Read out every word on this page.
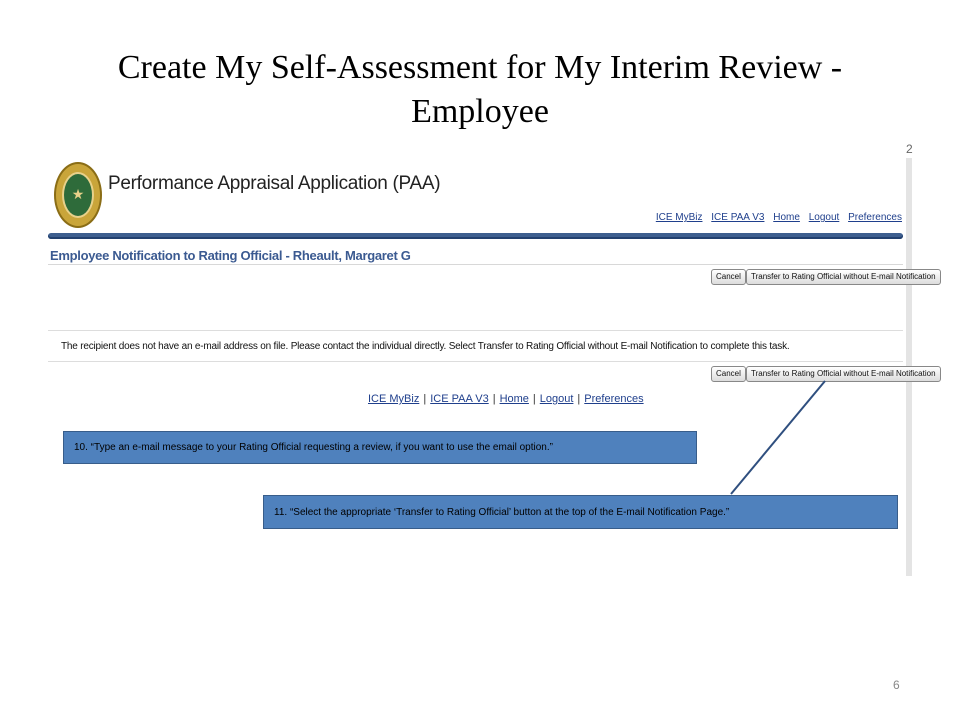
Create My Self-Assessment for My Interim Review -
Employee
2
★	Performance Appraisal Application (PAA)
ICE MyBiz ICE PAA V3 Home Logout Preferences
Employee Notification to Rating Official - Rheault, Margaret G
Cancel	Transfer to Rating Official without E-mail Notification
The recipient does not have an e-mail address on file. Please contact the individual directly. Select Transfer to Rating Official without E-mail Notification to complete this task.
Cancel	Transfer to Rating Official without E-mail Notification
ICE MyBiz | ICE PAA V3 | Home | Logout | Preferences
10. “Type an e-mail message to your Rating Official requesting a review, if you want to use the email option.”
11. “Select the appropriate ‘Transfer to Rating Official’ button at the top of the E-mail Notification Page.”
6
